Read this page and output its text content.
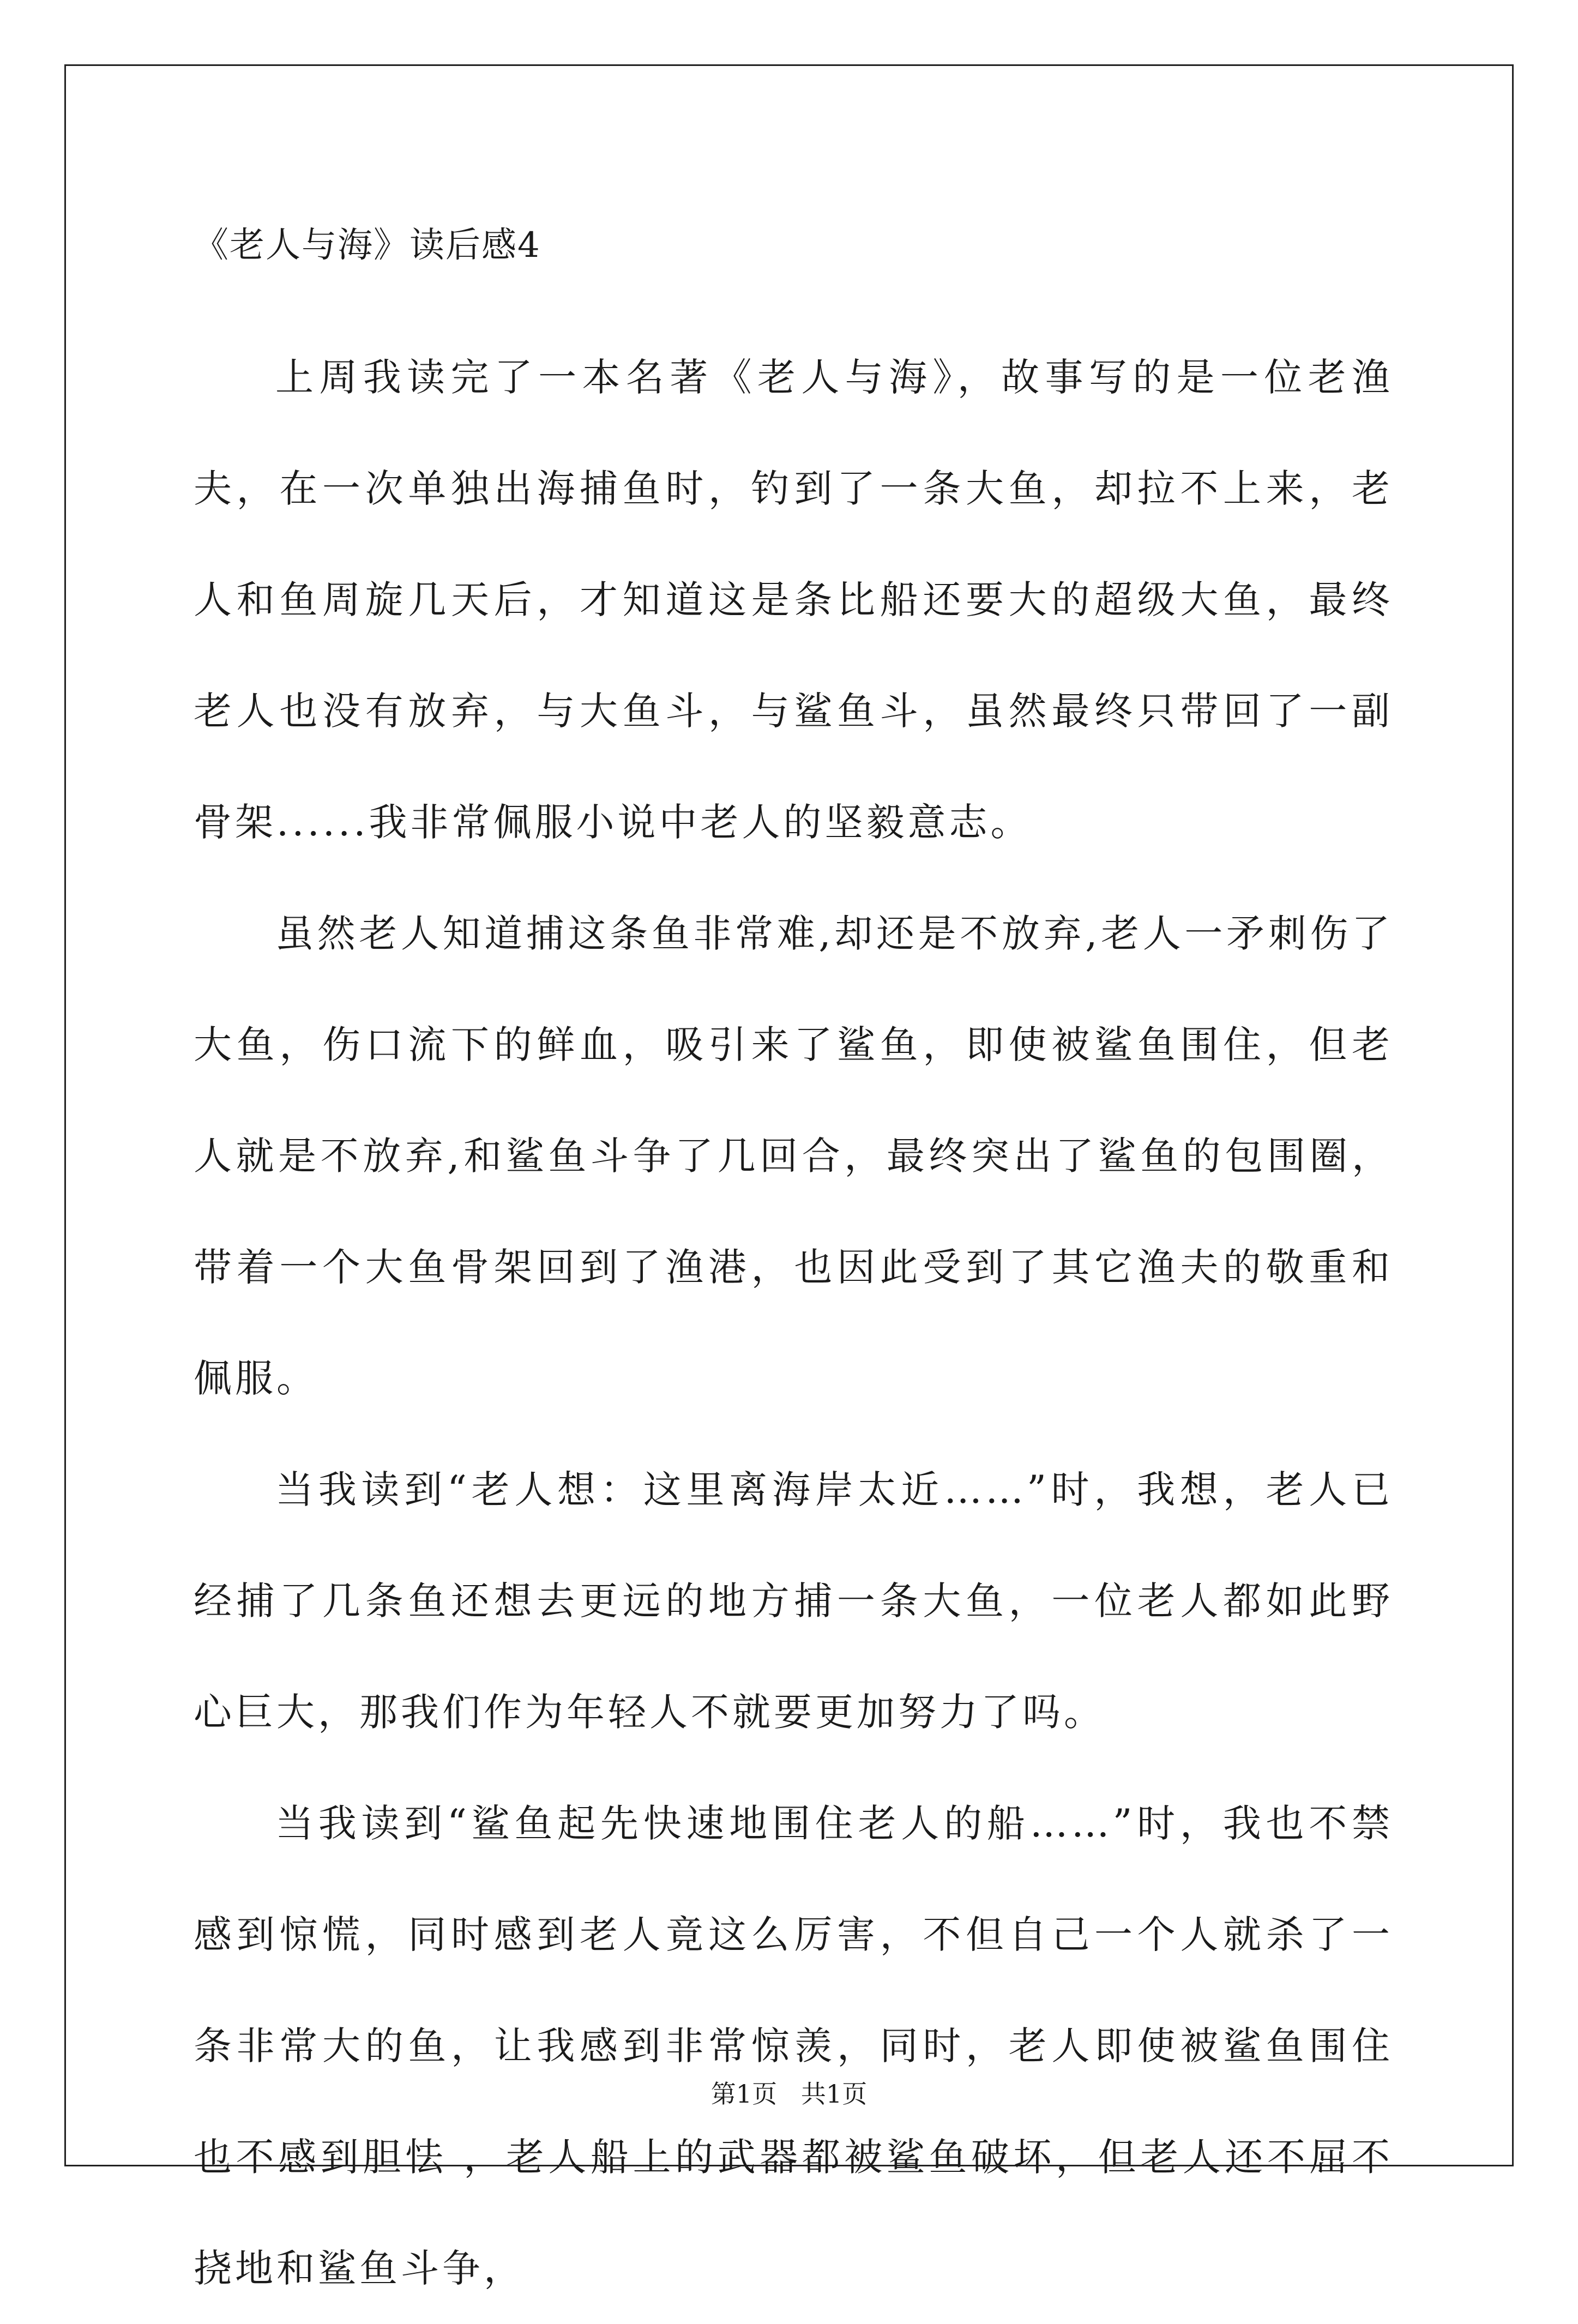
《老人与海》读后感4

上周我读完了一本名著《老人与海》，故事写的是一位老渔夫，在一次单独出海捕鱼时，钓到了一条大鱼，却拉不上来，老人和鱼周旋几天后，才知道这是条比船还要大的超级大鱼，最终老人也没有放弃，与大鱼斗，与鲨鱼斗，虽然最终只带回了一副骨架......我非常佩服小说中老人的坚毅意志。

虽然老人知道捕这条鱼非常难,却还是不放弃,老人一矛刺伤了大鱼，伤口流下的鲜血，吸引来了鲨鱼，即使被鲨鱼围住，但老人就是不放弃,和鲨鱼斗争了几回合，最终突出了鲨鱼的包围圈，带着一个大鱼骨架回到了渔港，也因此受到了其它渔夫的敬重和佩服。

当我读到“老人想：这里离海岸太近……”时，我想，老人已经捕了几条鱼还想去更远的地方捕一条大鱼，一位老人都如此野心巨大，那我们作为年轻人不就要更加努力了吗。

当我读到“鲨鱼起先快速地围住老人的船……”时，我也不禁感到惊慌，同时感到老人竟这么厉害，不但自己一个人就杀了一条非常大的鱼，让我感到非常惊羡，同时，老人即使被鲨鱼围住也不感到胆怯 ，老人船上的武器都被鲨鱼破坏，但老人还不屈不挠地和鲨鱼斗争，

第1页   共1页
